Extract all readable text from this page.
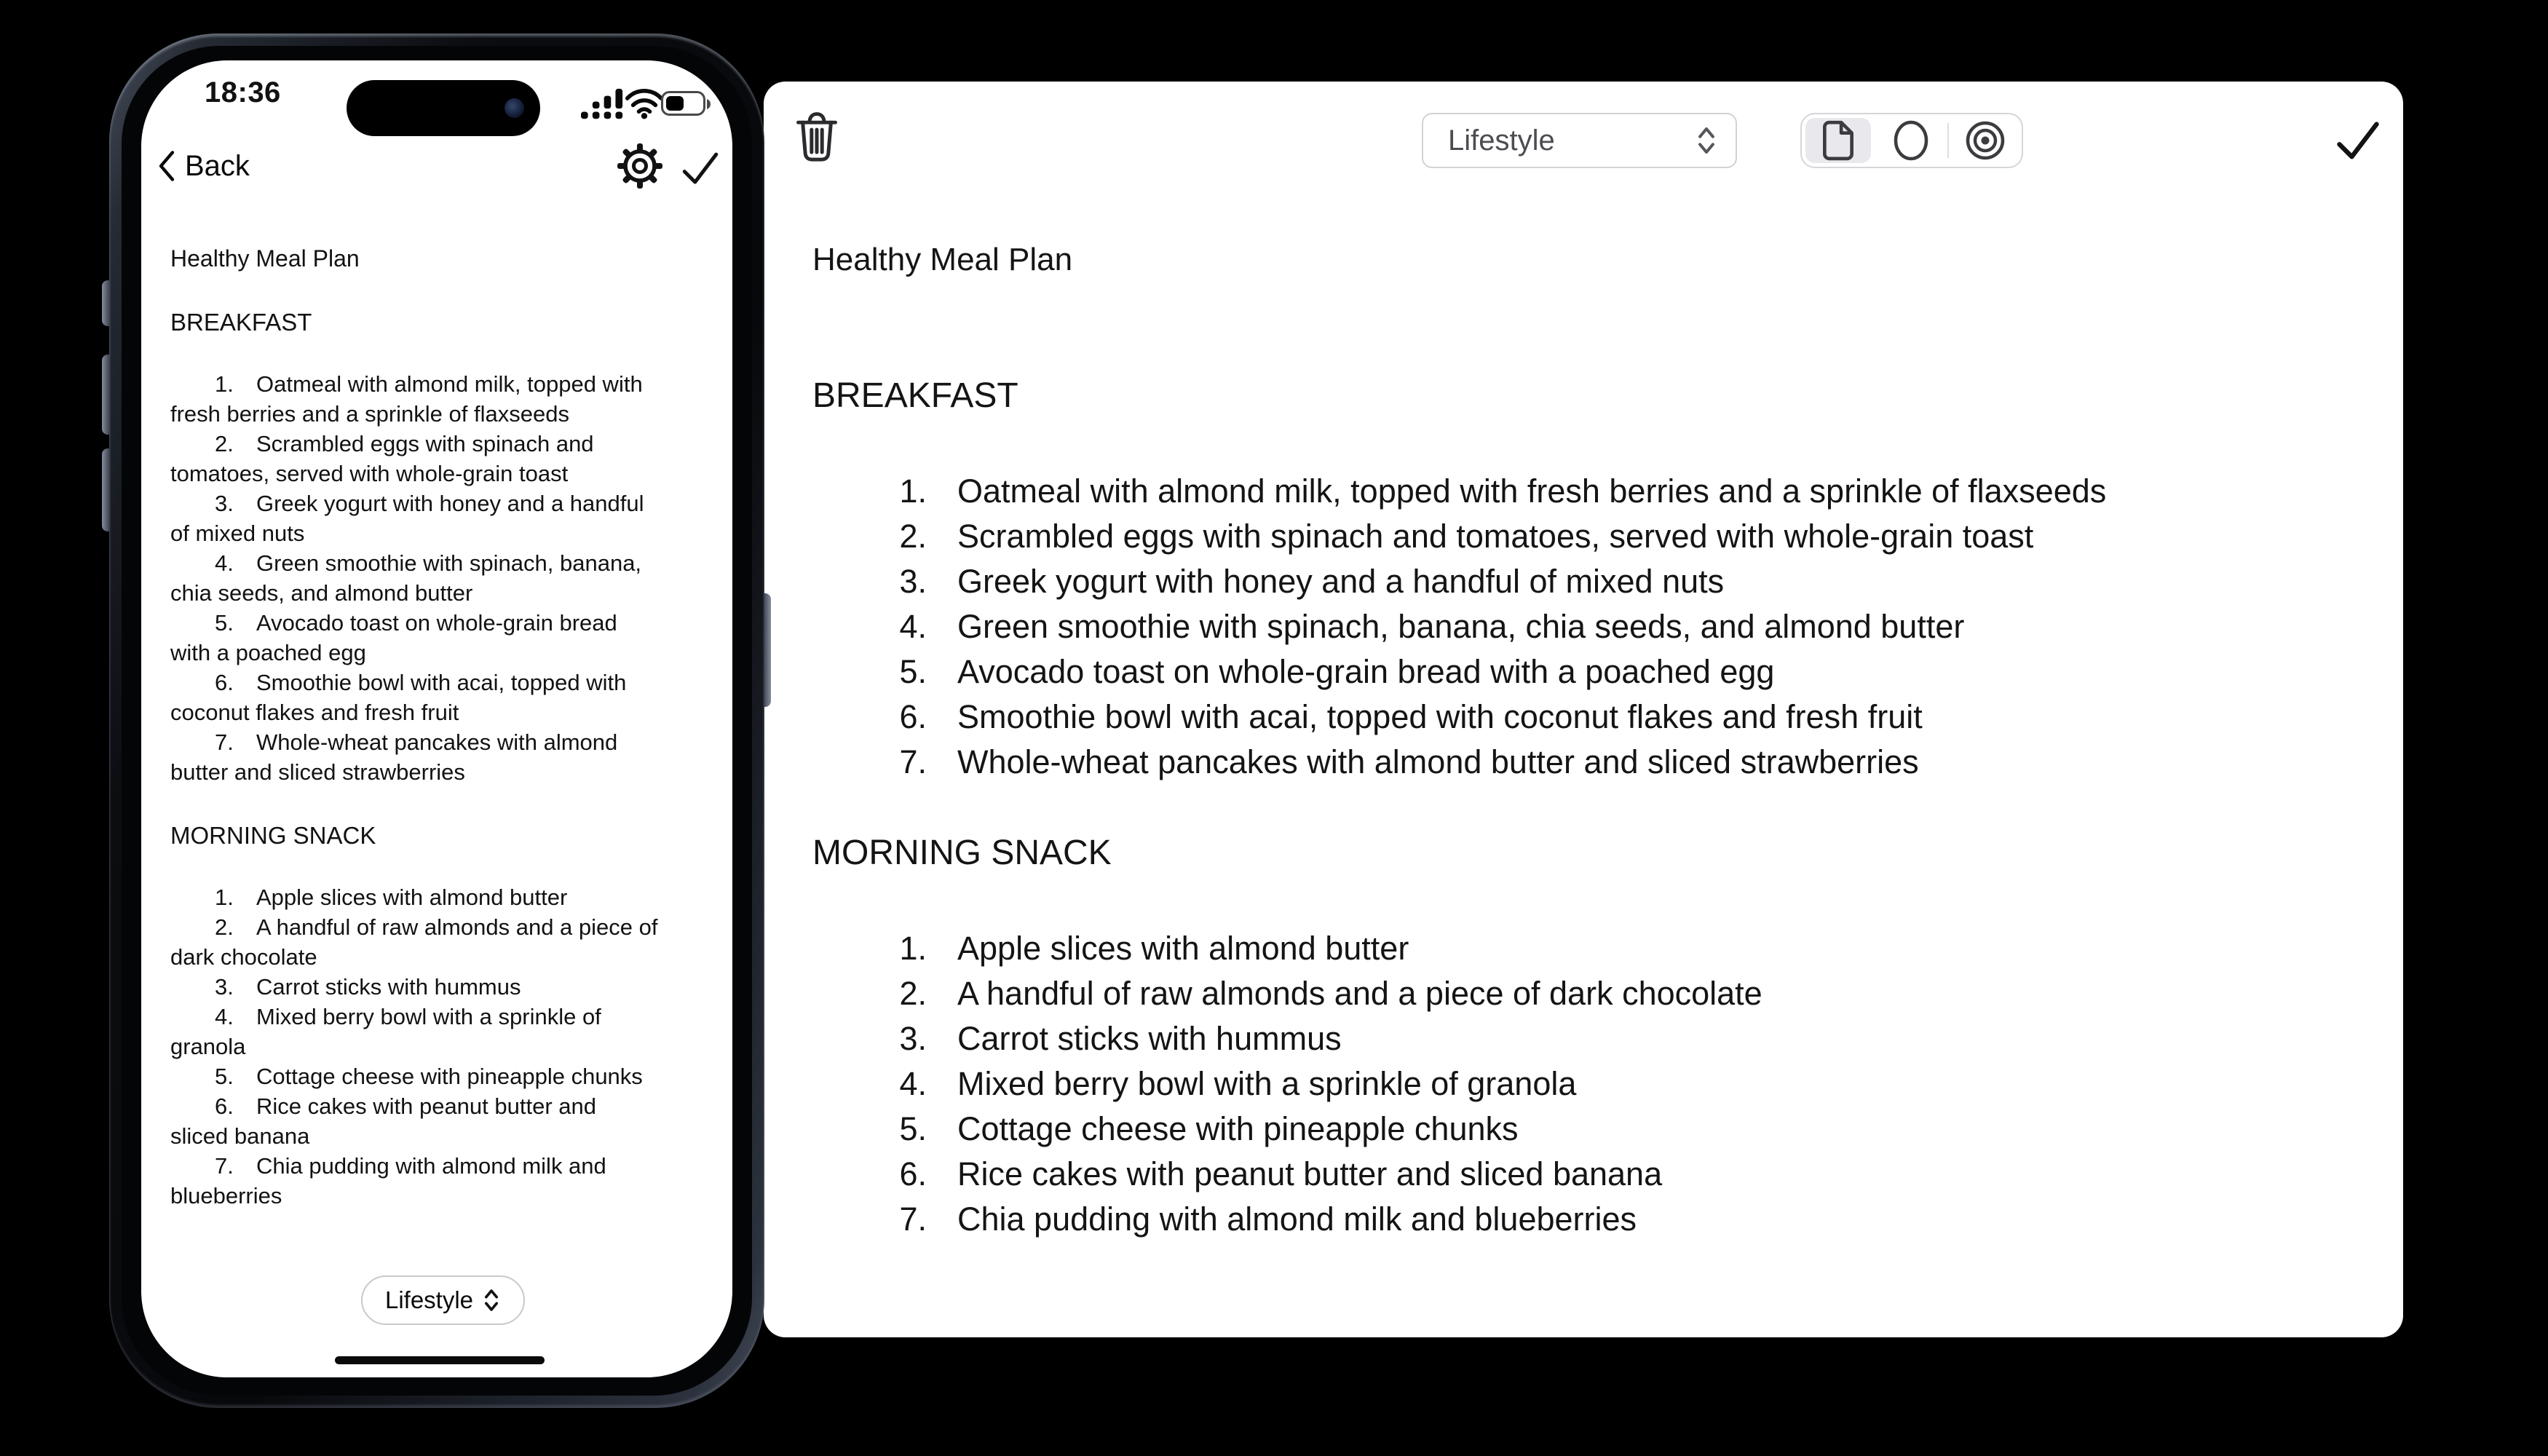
Lifestyle
Healthy Meal Plan
BREAKFAST
1. Oatmeal with almond milk, topped with fresh berries and a sprinkle of flaxseeds
2. Scrambled eggs with spinach and tomatoes, served with whole-grain toast
3. Greek yogurt with honey and a handful of mixed nuts
4. Green smoothie with spinach, banana, chia seeds, and almond butter
5. Avocado toast on whole-grain bread with a poached egg
6. Smoothie bowl with acai, topped with coconut flakes and fresh fruit
7. Whole-wheat pancakes with almond butter and sliced strawberries
MORNING SNACK
1. Apple slices with almond butter
2. A handful of raw almonds and a piece of dark chocolate
3. Carrot sticks with hummus
4. Mixed berry bowl with a sprinkle of granola
5. Cottage cheese with pineapple chunks
6. Rice cakes with peanut butter and sliced banana
7. Chia pudding with almond milk and blueberries
18:36
Back
Healthy Meal Plan
BREAKFAST
1. Oatmeal with almond milk, topped with
fresh berries and a sprinkle of flaxseeds
2. Scrambled eggs with spinach and
tomatoes, served with whole-grain toast
3. Greek yogurt with honey and a handful
of mixed nuts
4. Green smoothie with spinach, banana,
chia seeds, and almond butter
5. Avocado toast on whole-grain bread
with a poached egg
6. Smoothie bowl with acai, topped with
coconut flakes and fresh fruit
7. Whole-wheat pancakes with almond
butter and sliced strawberries
MORNING SNACK
1. Apple slices with almond butter
2. A handful of raw almonds and a piece of
dark chocolate
3. Carrot sticks with hummus
4. Mixed berry bowl with a sprinkle of
granola
5. Cottage cheese with pineapple chunks
6. Rice cakes with peanut butter and
sliced banana
7. Chia pudding with almond milk and
blueberries
Lifestyle
